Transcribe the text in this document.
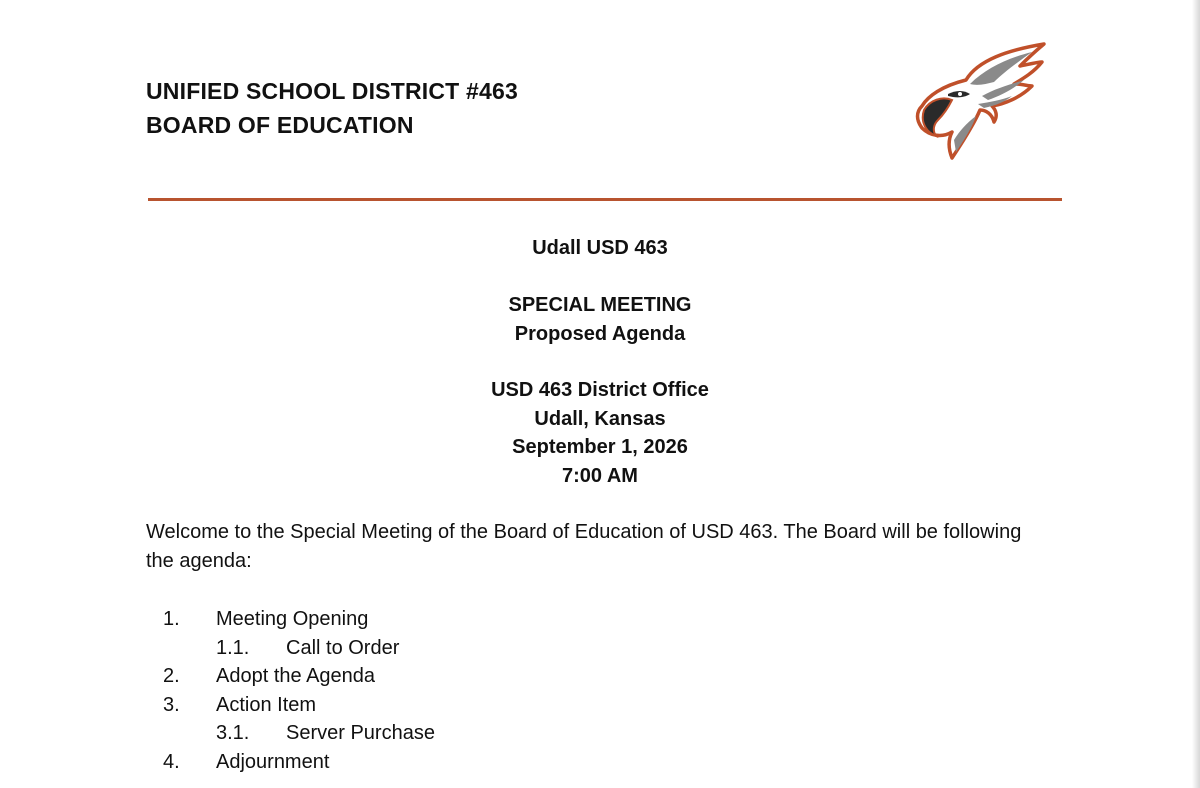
UNIFIED SCHOOL DISTRICT #463
BOARD OF EDUCATION
Udall USD 463
SPECIAL MEETING
Proposed Agenda
USD 463 District Office
Udall, Kansas
September 1, 2026
7:00 AM
Welcome to the Special Meeting of the Board of Education of USD 463. The Board will be following the agenda:
1. Meeting Opening
1.1. Call to Order
2. Adopt the Agenda
3. Action Item
3.1. Server Purchase
4. Adjournment
